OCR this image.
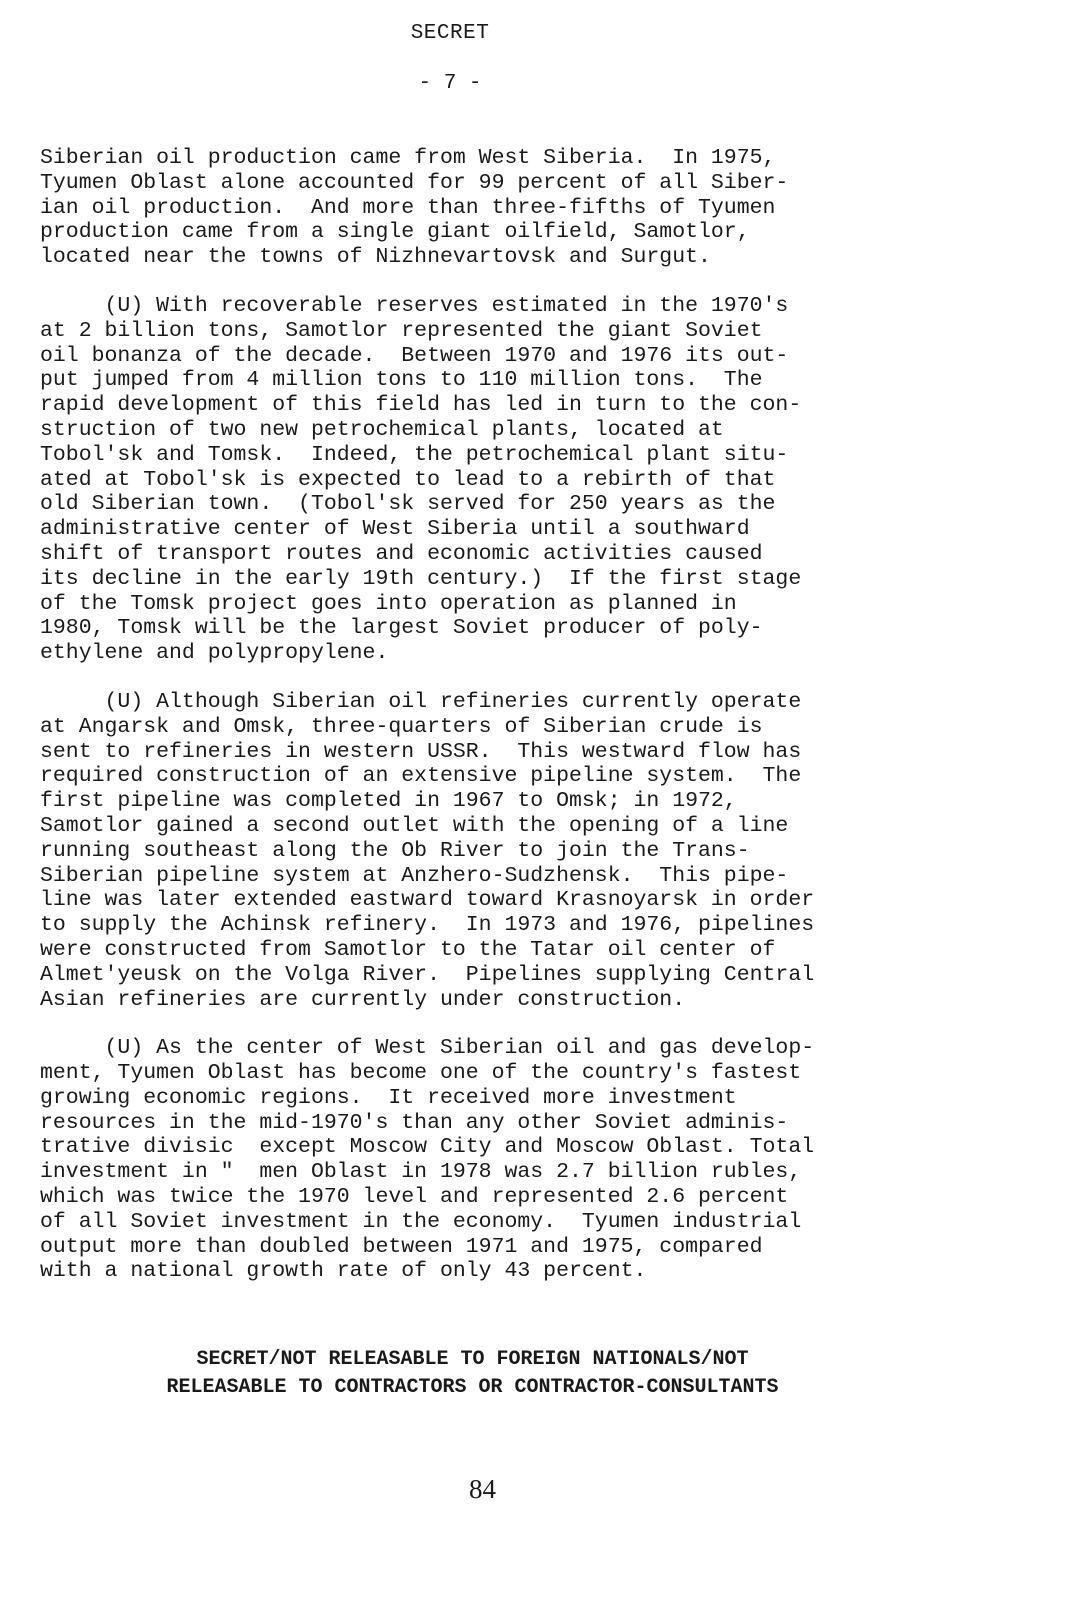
SECRET
- 7 -

Siberian oil production came from West Siberia.  In 1975,
Tyumen Oblast alone accounted for 99 percent of all Siber-
ian oil production.  And more than three-fifths of Tyumen
production came from a single giant oilfield, Samotlor,
located near the towns of Nizhnevartovsk and Surgut.

(U) With recoverable reserves estimated in the 1970's
at 2 billion tons, Samotlor represented the giant Soviet
oil bonanza of the decade.  Between 1970 and 1976 its out-
put jumped from 4 million tons to 110 million tons.  The
rapid development of this field has led in turn to the con-
struction of two new petrochemical plants, located at
Tobol'sk and Tomsk.  Indeed, the petrochemical plant situ-
ated at Tobol'sk is expected to lead to a rebirth of that
old Siberian town.  (Tobol'sk served for 250 years as the
administrative center of West Siberia until a southward
shift of transport routes and economic activities caused
its decline in the early 19th century.)  If the first stage
of the Tomsk project goes into operation as planned in
1980, Tomsk will be the largest Soviet producer of poly-
ethylene and polypropylene.

(U) Although Siberian oil refineries currently operate
at Angarsk and Omsk, three-quarters of Siberian crude is
sent to refineries in western USSR.  This westward flow has
required construction of an extensive pipeline system.  The
first pipeline was completed in 1967 to Omsk; in 1972,
Samotlor gained a second outlet with the opening of a line
running southeast along the Ob River to join the Trans-
Siberian pipeline system at Anzhero-Sudzhensk.  This pipe-
line was later extended eastward toward Krasnoyarsk in order
to supply the Achinsk refinery.  In 1973 and 1976, pipelines
were constructed from Samotlor to the Tatar oil center of
Almet'yeusk on the Volga River.  Pipelines supplying Central
Asian refineries are currently under construction.

(U) As the center of West Siberian oil and gas develop-
ment, Tyumen Oblast has become one of the country's fastest
growing economic regions.  It received more investment
resources in the mid-1970's than any other Soviet adminis-
trative divisic  except Moscow City and Moscow Oblast. Total
investment in "  men Oblast in 1978 was 2.7 billion rubles,
which was twice the 1970 level and represented 2.6 percent
of all Soviet investment in the economy.  Tyumen industrial
output more than doubled between 1971 and 1975, compared
with a national growth rate of only 43 percent.

SECRET/NOT RELEASABLE TO FOREIGN NATIONALS/NOT
RELEASABLE TO CONTRACTORS OR CONTRACTOR-CONSULTANTS
84
